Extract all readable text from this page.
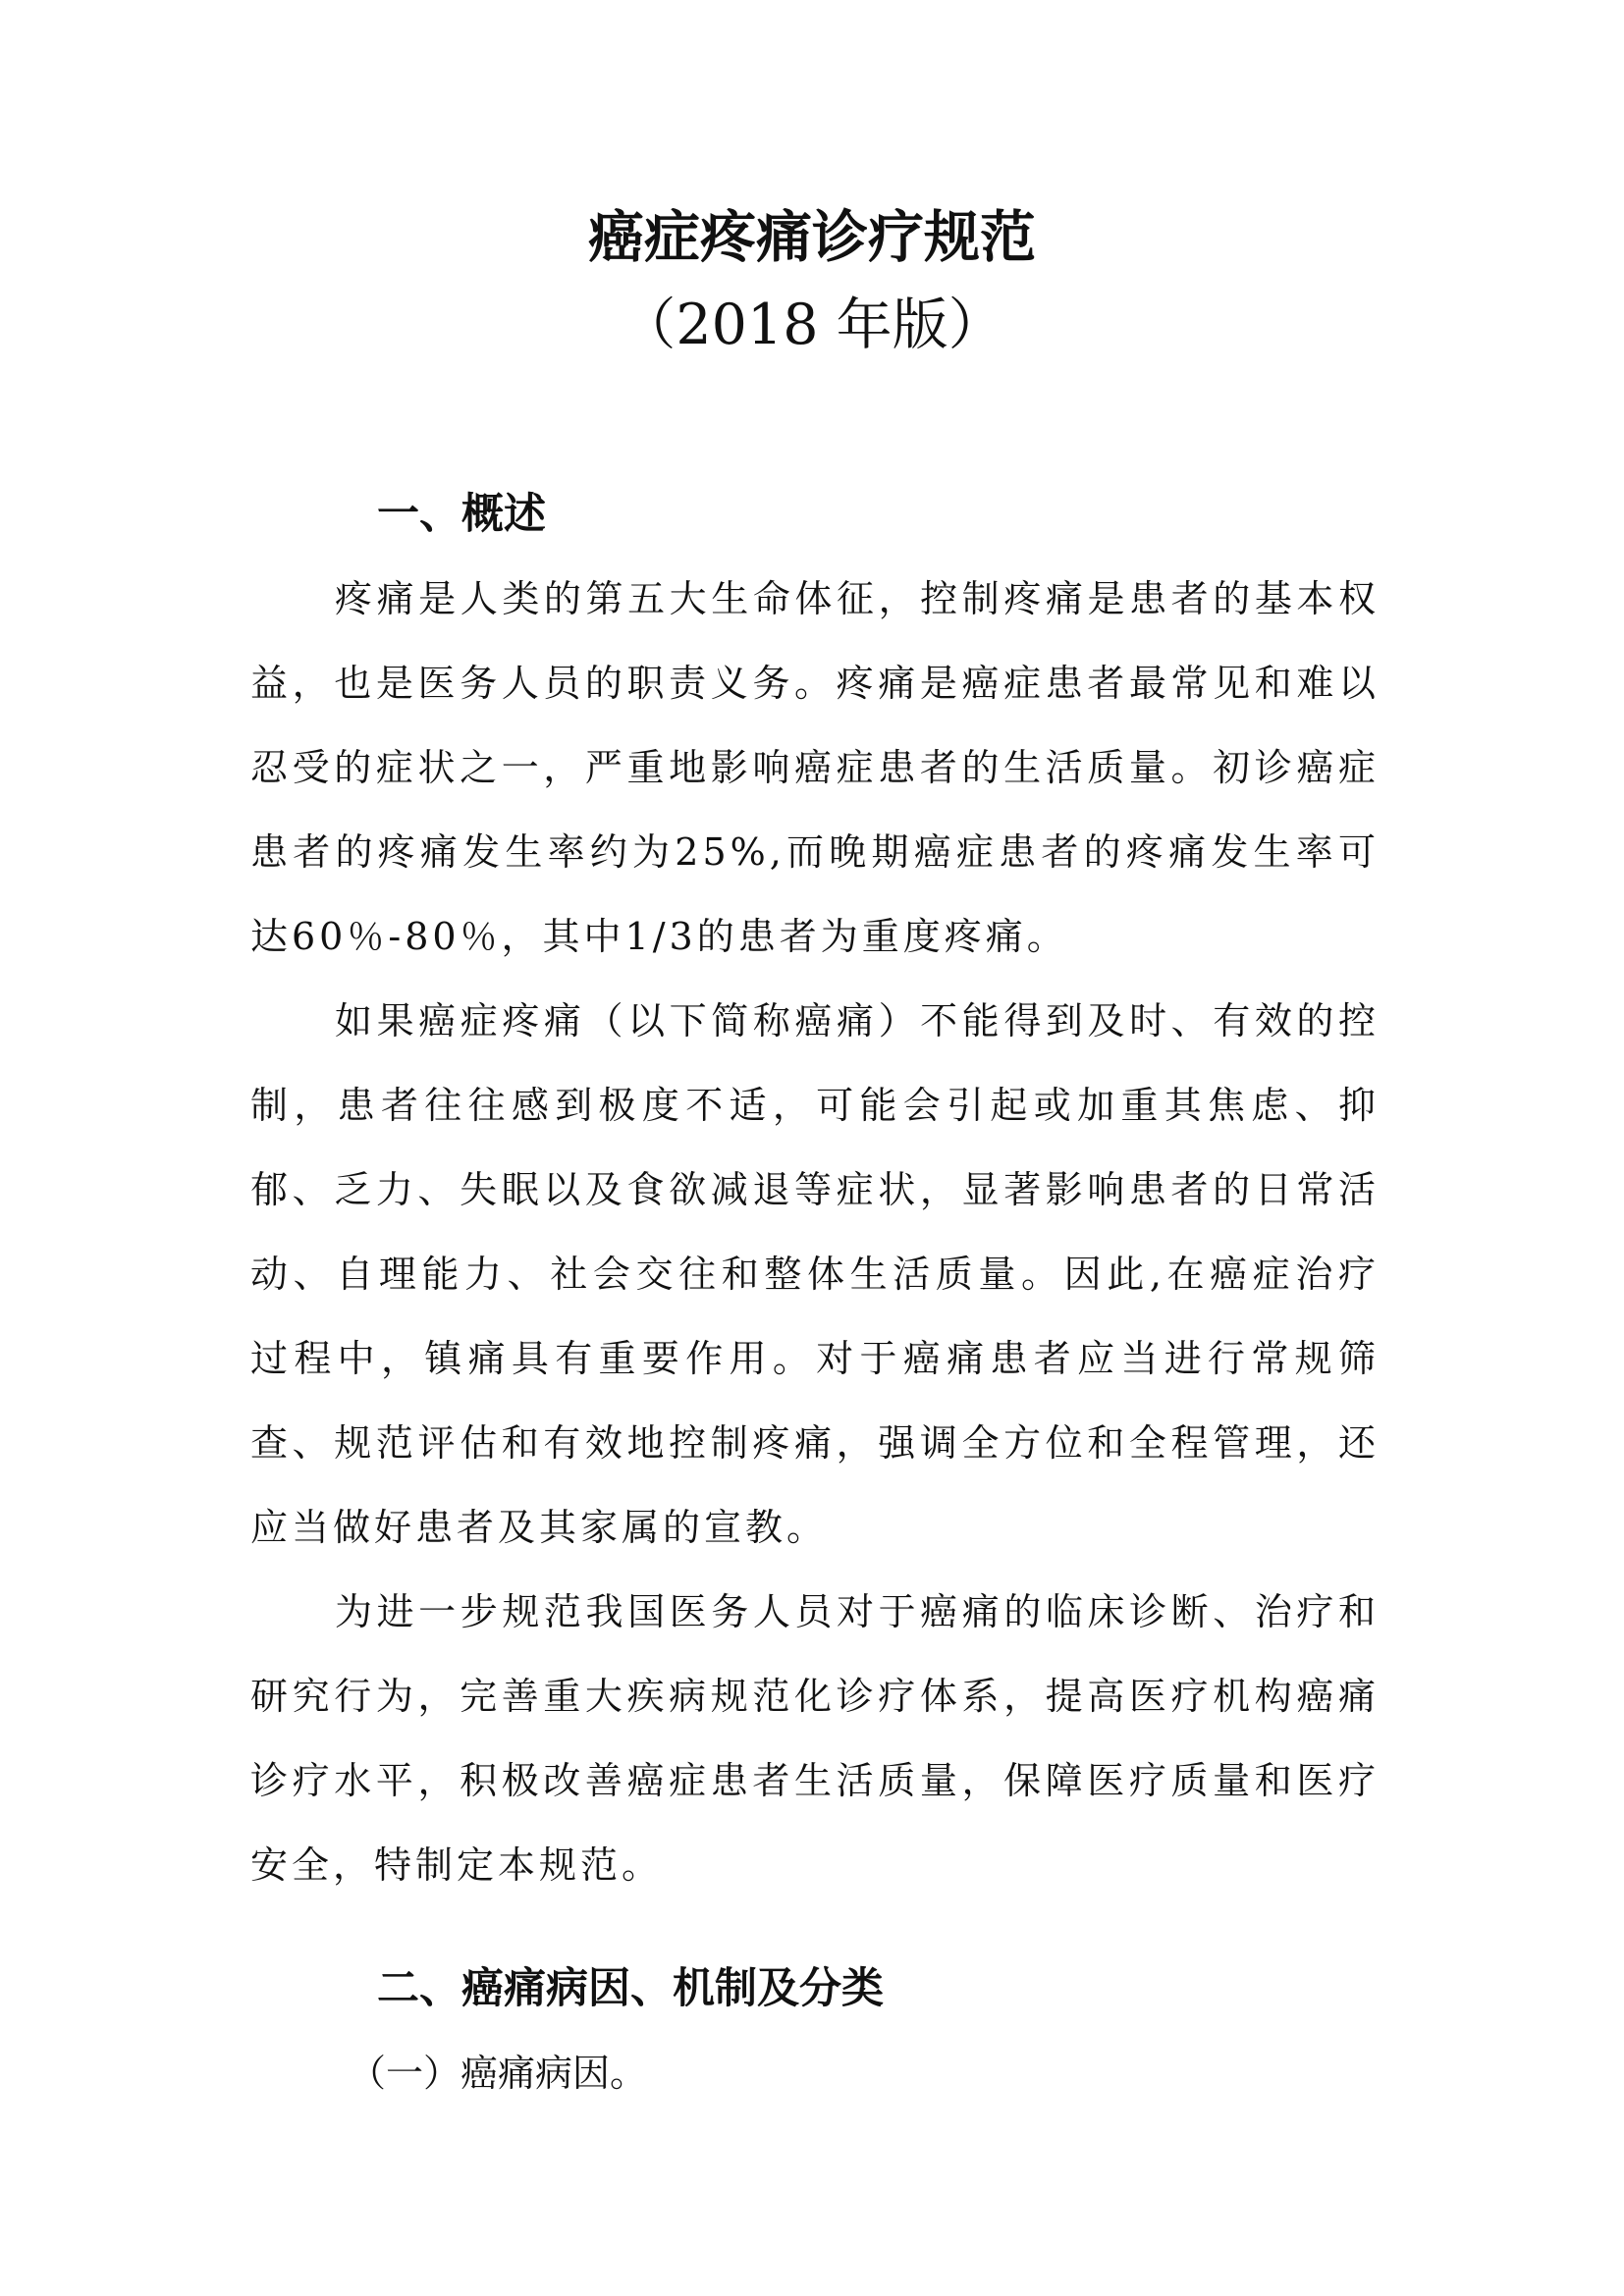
癌症疼痛诊疗规范
（2018 年版）
一、概述

疼痛是人类的第五大生命体征，控制疼痛是患者的基本权益，也是医务人员的职责义务。疼痛是癌症患者最常见和难以忍受的症状之一，严重地影响癌症患者的生活质量。初诊癌症患者的疼痛发生率约为25%,而晚期癌症患者的疼痛发生率可达60％-80％，其中1/3的患者为重度疼痛。

如果癌症疼痛（以下简称癌痛）不能得到及时、有效的控制，患者往往感到极度不适，可能会引起或加重其焦虑、抑郁、乏力、失眠以及食欲减退等症状，显著影响患者的日常活动、自理能力、社会交往和整体生活质量。因此,在癌症治疗过程中，镇痛具有重要作用。对于癌痛患者应当进行常规筛查、规范评估和有效地控制疼痛，强调全方位和全程管理，还应当做好患者及其家属的宣教。

为进一步规范我国医务人员对于癌痛的临床诊断、治疗和研究行为，完善重大疾病规范化诊疗体系，提高医疗机构癌痛诊疗水平，积极改善癌症患者生活质量，保障医疗质量和医疗安全，特制定本规范。

二、癌痛病因、机制及分类
（一）癌痛病因。
